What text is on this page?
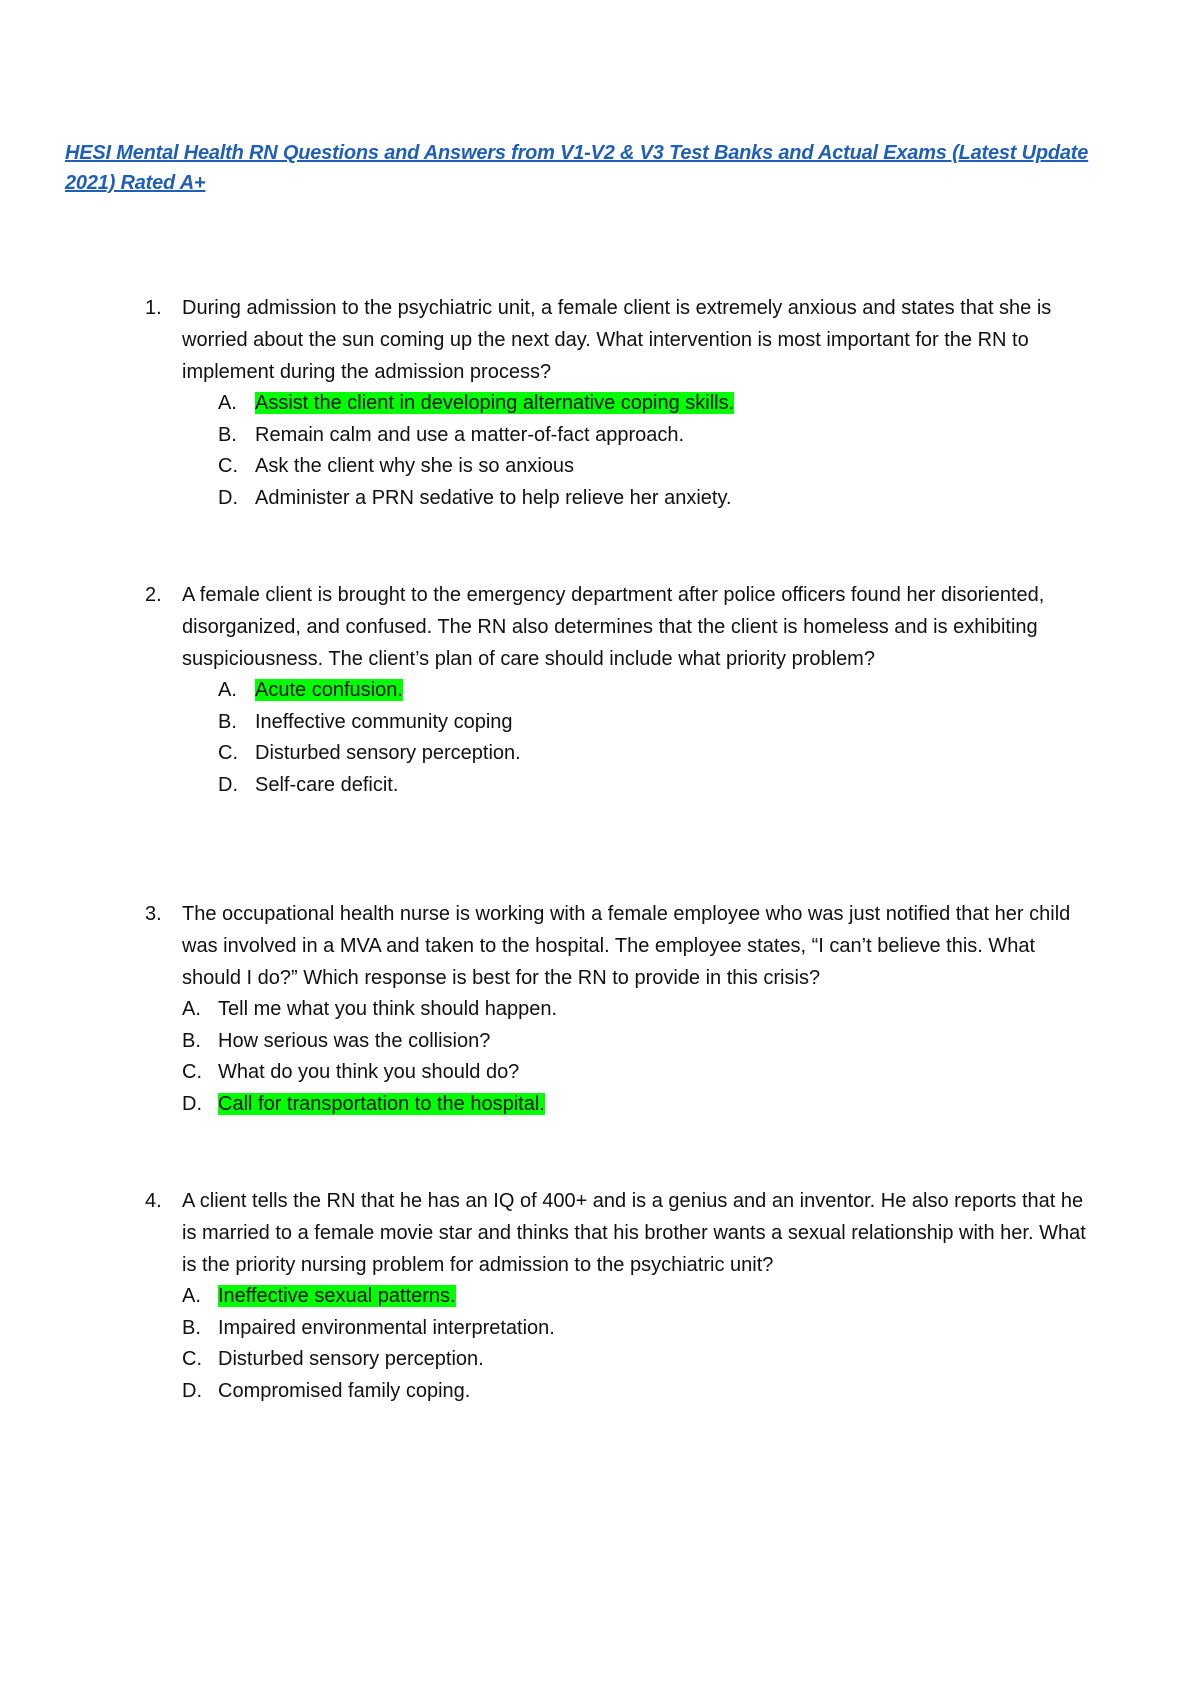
HESI Mental Health RN Questions and Answers from V1-V2 & V3 Test Banks and Actual Exams (Latest Update 2021) Rated A+
1. During admission to the psychiatric unit, a female client is extremely anxious and states that she is worried about the sun coming up the next day. What intervention is most important for the RN to implement during the admission process?
A. Assist the client in developing alternative coping skills.
B. Remain calm and use a matter-of-fact approach.
C. Ask the client why she is so anxious
D. Administer a PRN sedative to help relieve her anxiety.
2. A female client is brought to the emergency department after police officers found her disoriented, disorganized, and confused. The RN also determines that the client is homeless and is exhibiting suspiciousness. The client’s plan of care should include what priority problem?
A. Acute confusion.
B. Ineffective community coping
C. Disturbed sensory perception.
D. Self-care deficit.
3. The occupational health nurse is working with a female employee who was just notified that her child was involved in a MVA and taken to the hospital. The employee states, “I can’t believe this. What should I do?” Which response is best for the RN to provide in this crisis?
A. Tell me what you think should happen.
B. How serious was the collision?
C. What do you think you should do?
D. Call for transportation to the hospital.
4. A client tells the RN that he has an IQ of 400+ and is a genius and an inventor. He also reports that he is married to a female movie star and thinks that his brother wants a sexual relationship with her. What is the priority nursing problem for admission to the psychiatric unit?
A. Ineffective sexual patterns.
B. Impaired environmental interpretation.
C. Disturbed sensory perception.
D. Compromised family coping.
